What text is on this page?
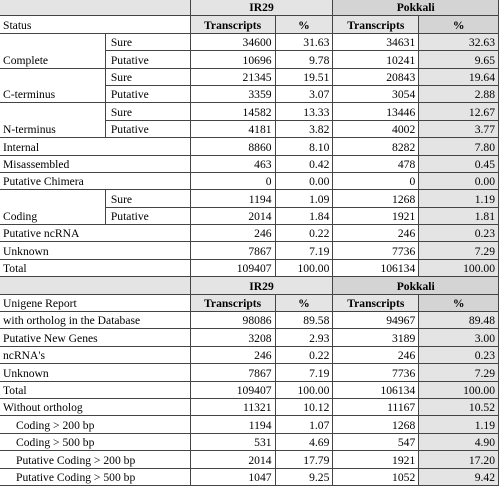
		IR29		Pokkali	
Status		Transcripts	%	Transcripts	%
Complete	Sure	34600	31.63	34631	32.63
	Putative	10696	9.78	10241	9.65
C-terminus	Sure	21345	19.51	20843	19.64
	Putative	3359	3.07	3054	2.88
N-terminus	Sure	14582	13.33	13446	12.67
	Putative	4181	3.82	4002	3.77
Internal		8860	8.10	8282	7.80
Misassembled		463	0.42	478	0.45
Putative Chimera		0	0.00	0	0.00
Coding	Sure	1194	1.09	1268	1.19
	Putative	2014	1.84	1921	1.81
Putative ncRNA		246	0.22	246	0.23
Unknown		7867	7.19	7736	7.29
Total		109407	100.00	106134	100.00
		IR29		Pokkali	
Unigene Report		Transcripts	%	Transcripts	%
with ortholog in the Database		98086	89.58	94967	89.48
Putative New Genes		3208	2.93	3189	3.00
ncRNA's		246	0.22	246	0.23
Unknown		7867	7.19	7736	7.29
Total		109407	100.00	106134	100.00
Without ortholog		11321	10.12	11167	10.52
Coding > 200 bp		1194	1.07	1268	1.19
Coding > 500 bp		531	4.69	547	4.90
Putative Coding > 200 bp		2014	17.79	1921	17.20
Putative Coding > 500 bp		1047	9.25	1052	9.42
